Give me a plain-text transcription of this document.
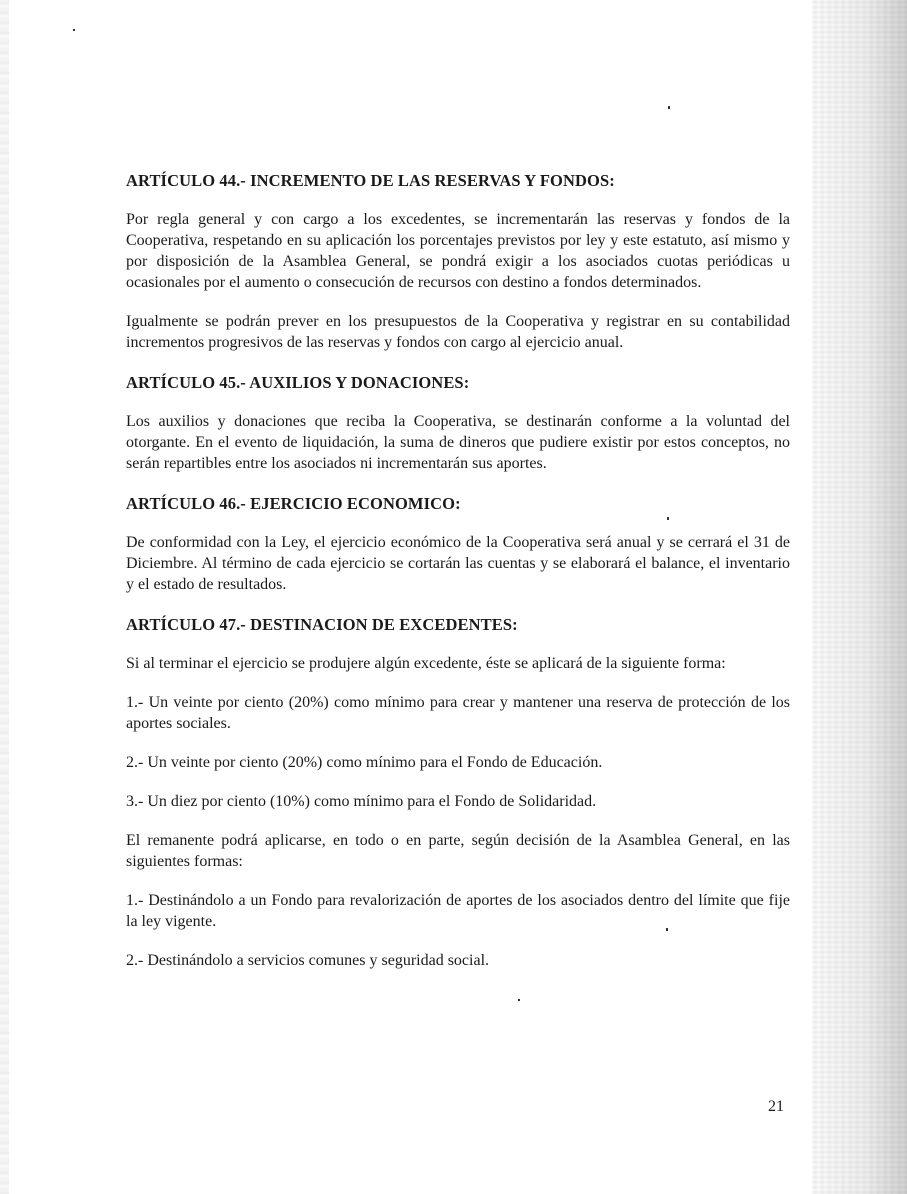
ARTÍCULO 44.- INCREMENTO DE LAS RESERVAS Y FONDOS:

Por regla general y con cargo a los excedentes, se incrementarán las reservas y fondos de la Cooperativa, respetando en su aplicación los porcentajes previstos por ley y este estatuto, así mismo y por disposición de la Asamblea General, se pondrá exigir a los asociados cuotas periódicas u ocasionales por el aumento o consecución de recursos con destino a fondos determinados.

Igualmente se podrán prever en los presupuestos de la Cooperativa y registrar en su contabilidad incrementos progresivos de las reservas y fondos con cargo al ejercicio anual.

ARTÍCULO 45.- AUXILIOS Y DONACIONES:

Los auxilios y donaciones que reciba la Cooperativa, se destinarán conforme a la voluntad del otorgante. En el evento de liquidación, la suma de dineros que pudiere existir por estos conceptos, no serán repartibles entre los asociados ni incrementarán sus aportes.

ARTÍCULO 46.- EJERCICIO ECONOMICO:

De conformidad con la Ley, el ejercicio económico de la Cooperativa será anual y se cerrará el 31 de Diciembre. Al término de cada ejercicio se cortarán las cuentas y se elaborará el balance, el inventario y el estado de resultados.

ARTÍCULO 47.- DESTINACION DE EXCEDENTES:

Si al terminar el ejercicio se produjere algún excedente, éste se aplicará de la siguiente forma:

1.- Un veinte por ciento (20%) como mínimo para crear y mantener una reserva de protección de los aportes sociales.

2.- Un veinte por ciento (20%) como mínimo para el Fondo de Educación.

3.- Un diez por ciento (10%) como mínimo para el Fondo de Solidaridad.

El remanente podrá aplicarse, en todo o en parte, según decisión de la Asamblea General, en las siguientes formas:

1.- Destinándolo a un Fondo para revalorización de aportes de los asociados dentro del límite que fije la ley vigente.

2.- Destinándolo a servicios comunes y seguridad social.

21
